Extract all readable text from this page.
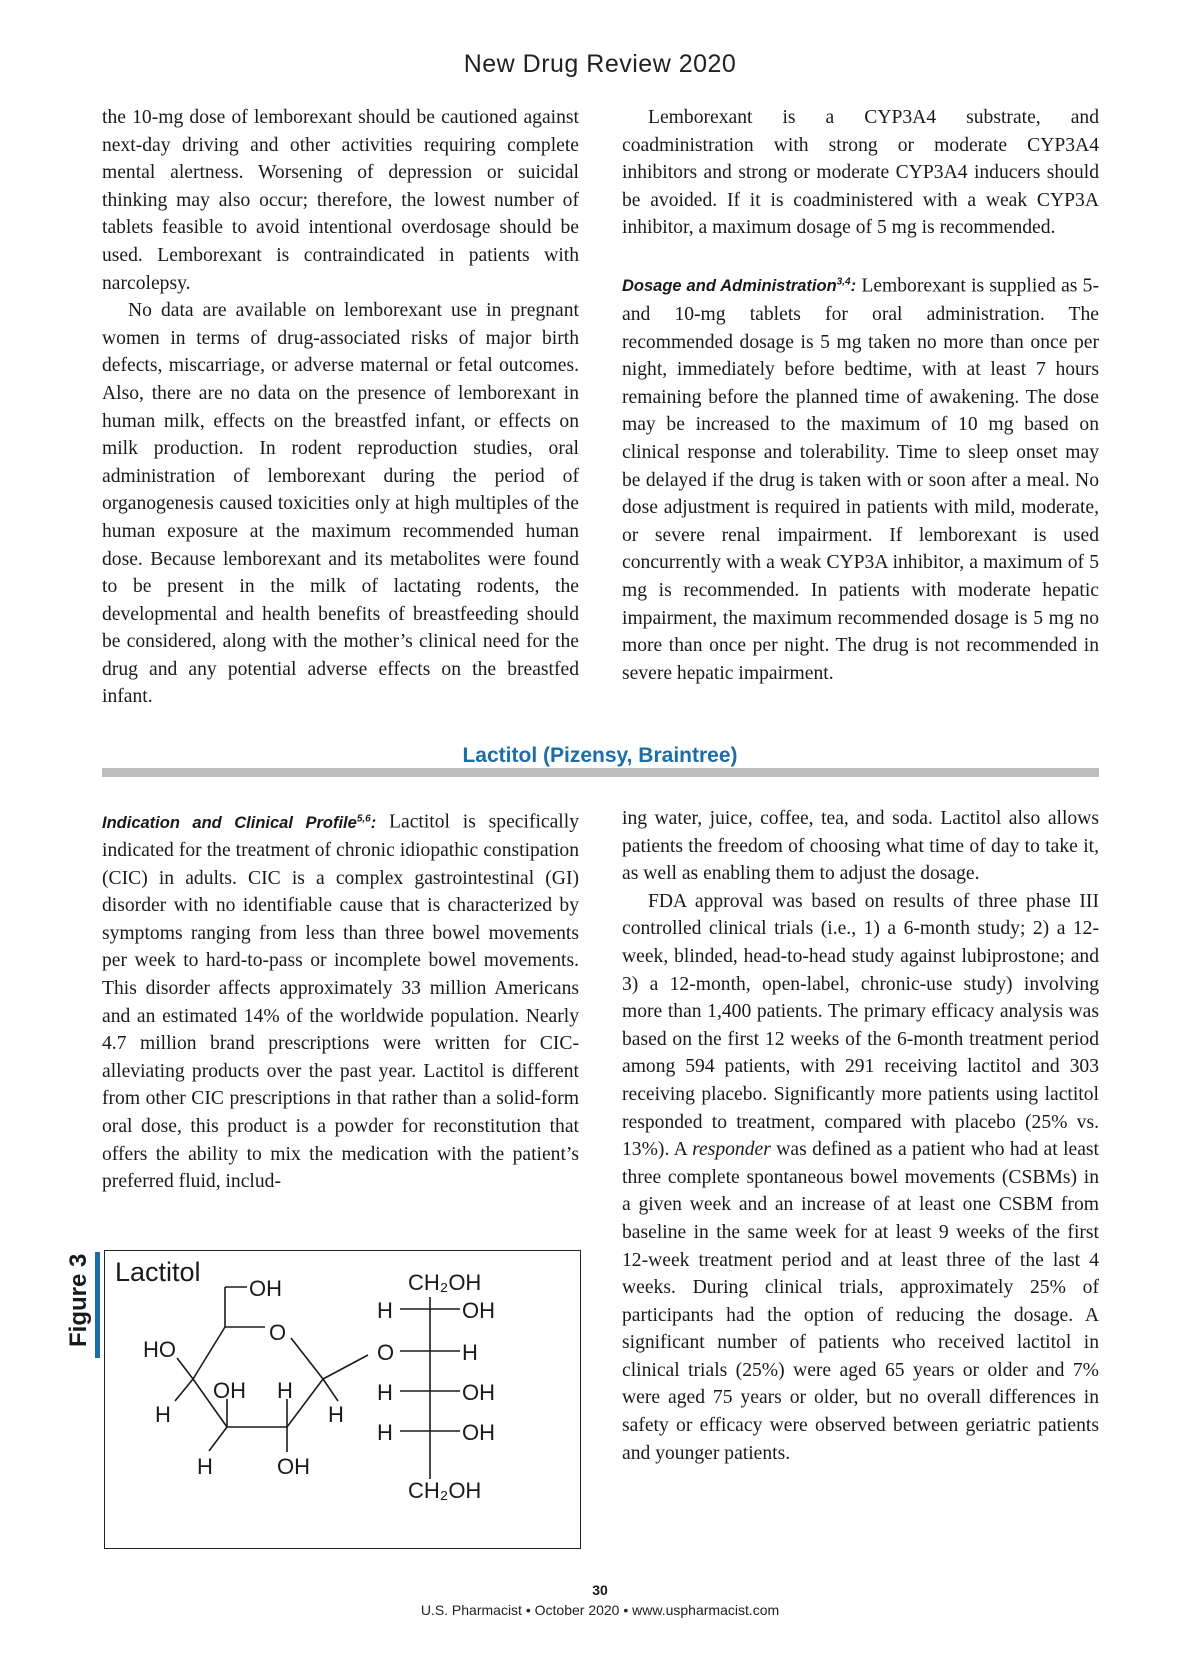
New Drug Review 2020

the 10-mg dose of lemborexant should be cautioned against next-day driving and other activities requiring complete mental alertness. Worsening of depression or suicidal thinking may also occur; therefore, the lowest number of tablets feasible to avoid intentional overdosage should be used. Lemborexant is contraindicated in patients with narcolepsy.

No data are available on lemborexant use in pregnant women in terms of drug-associated risks of major birth defects, miscarriage, or adverse maternal or fetal outcomes. Also, there are no data on the presence of lemborexant in human milk, effects on the breastfed infant, or effects on milk production. In rodent reproduction studies, oral administration of lemborexant during the period of organogenesis caused toxicities only at high multiples of the human exposure at the maximum recommended human dose. Because lemborexant and its metabolites were found to be present in the milk of lactating rodents, the developmental and health benefits of breastfeeding should be considered, along with the mother’s clinical need for the drug and any potential adverse effects on the breastfed infant.

Lemborexant is a CYP3A4 substrate, and coadministration with strong or moderate CYP3A4 inhibitors and strong or moderate CYP3A4 inducers should be avoided. If it is coadministered with a weak CYP3A inhibitor, a maximum dosage of 5 mg is recommended.

Dosage and Administration$^{3,4}$: Lemborexant is supplied as 5- and 10-mg tablets for oral administration. The recommended dosage is 5 mg taken no more than once per night, immediately before bedtime, with at least 7 hours remaining before the planned time of awakening. The dose may be increased to the maximum of 10 mg based on clinical response and tolerability. Time to sleep onset may be delayed if the drug is taken with or soon after a meal. No dose adjustment is required in patients with mild, moderate, or severe renal impairment. If lemborexant is used concurrently with a weak CYP3A inhibitor, a maximum of 5 mg is recommended. In patients with moderate hepatic impairment, the maximum recommended dosage is 5 mg no more than once per night. The drug is not recommended in severe hepatic impairment.

Lactitol (Pizensy, Braintree)

Indication and Clinical Profile$^{5,6}$: Lactitol is specifically indicated for the treatment of chronic idiopathic constipation (CIC) in adults. CIC is a complex gastrointestinal (GI) disorder with no identifiable cause that is characterized by symptoms ranging from less than three bowel movements per week to hard-to-pass or incomplete bowel movements. This disorder affects approximately 33 million Americans and an estimated 14% of the worldwide population. Nearly 4.7 million brand prescriptions were written for CIC-alleviating products over the past year. Lactitol is different from other CIC prescriptions in that rather than a solid-form oral dose, this product is a powder for reconstitution that offers the ability to mix the medication with the patient’s preferred fluid, includ-

ing water, juice, coffee, tea, and soda. Lactitol also allows patients the freedom of choosing what time of day to take it, as well as enabling them to adjust the dosage.

FDA approval was based on results of three phase III controlled clinical trials (i.e., 1) a 6-month study; 2) a 12-week, blinded, head-to-head study against lubiprostone; and 3) a 12-month, open-label, chronic-use study) involving more than 1,400 patients. The primary efficacy analysis was based on the first 12 weeks of the 6-month treatment period among 594 patients, with 291 receiving lactitol and 303 receiving placebo. Significantly more patients using lactitol responded to treatment, compared with placebo (25% vs. 13%). A responder was defined as a patient who had at least three complete spontaneous bowel movements (CSBMs) in a given week and an increase of at least one CSBM from baseline in the same week for at least 9 weeks of the first 12-week treatment period and at least three of the last 4 weeks. During clinical trials, approximately 25% of participants had the option of reducing the dosage. A significant number of patients who received lactitol in clinical trials (25%) were aged 65 years or older and 7% were aged 75 years or older, but no overall differences in safety or efficacy were observed between geriatric patients and younger patients.

Figure 3 Lactitol
OH
O
HO
H
OH H
H
H	OH
CH₂OH
H	OH
O	H
H	OH
H	OH
CH₂OH
30
U.S. Pharmacist • October 2020 • www.uspharmacist.com
